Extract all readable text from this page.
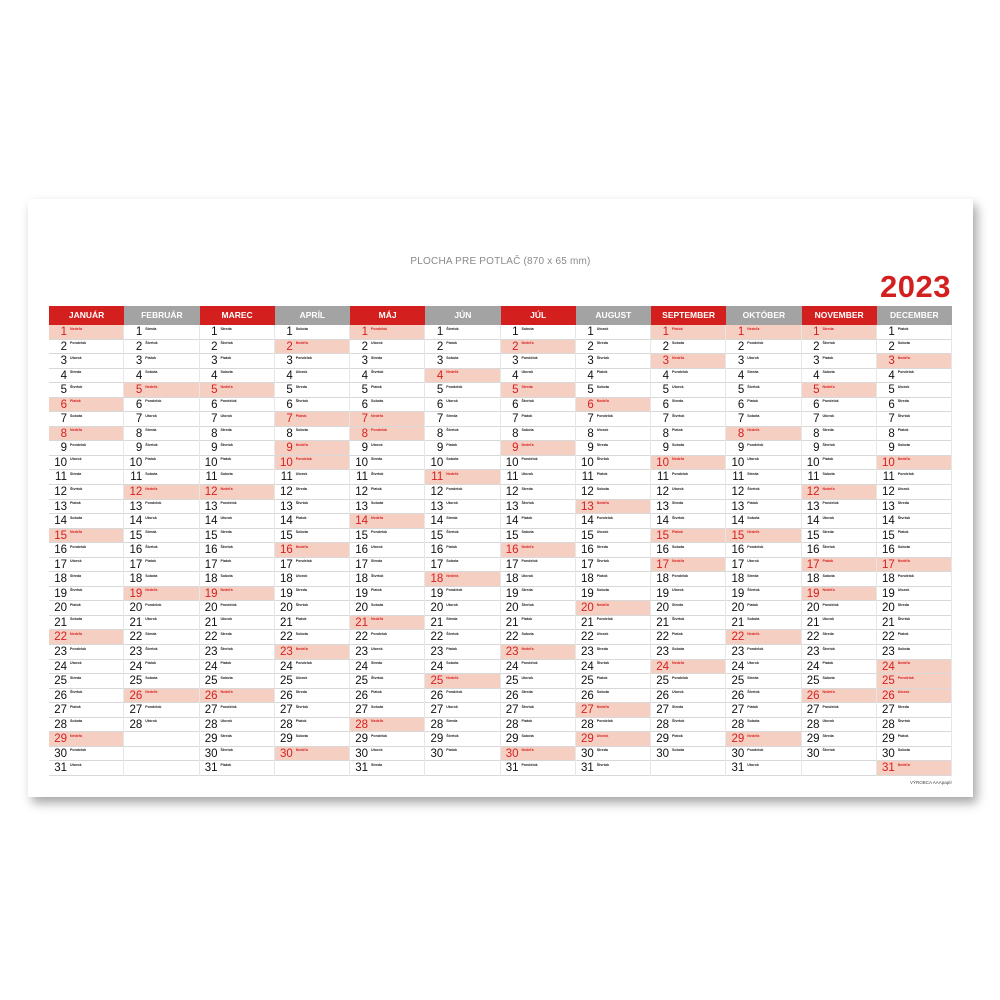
PLOCHA PRE POTLAČ (870 x 65 mm)
2023
JANUÁR
1 Nedeľa
2 Pondelok
3 Utorok
4 Streda
5 Štvrtok
6 Piatok
7 Sobota
8 Nedeľa
9 Pondelok
10 Utorok
11 Streda
12 Štvrtok
13 Piatok
14 Sobota
15 Nedeľa
16 Pondelok
17 Utorok
18 Streda
19 Štvrtok
20 Piatok
21 Sobota
22 Nedeľa
23 Pondelok
24 Utorok
25 Streda
26 Štvrtok
27 Piatok
28 Sobota
29 Nedeľa
30 Pondelok
31 Utorok
FEBRUÁR
1 Streda
2 Štvrtok
3 Piatok
4 Sobota
5 Nedeľa
6 Pondelok
7 Utorok
8 Streda
9 Štvrtok
10 Piatok
11 Sobota
12 Nedeľa
13 Pondelok
14 Utorok
15 Streda
16 Štvrtok
17 Piatok
18 Sobota
19 Nedeľa
20 Pondelok
21 Utorok
22 Streda
23 Štvrtok
24 Piatok
25 Sobota
26 Nedeľa
27 Pondelok
28 Utorok
MAREC
1 Streda
2 Štvrtok
3 Piatok
4 Sobota
5 Nedeľa
6 Pondelok
7 Utorok
8 Streda
9 Štvrtok
10 Piatok
11 Sobota
12 Nedeľa
13 Pondelok
14 Utorok
15 Streda
16 Štvrtok
17 Piatok
18 Sobota
19 Nedeľa
20 Pondelok
21 Utorok
22 Streda
23 Štvrtok
24 Piatok
25 Sobota
26 Nedeľa
27 Pondelok
28 Utorok
29 Streda
30 Štvrtok
31 Piatok
APRÍL
1 Sobota
2 Nedeľa
3 Pondelok
4 Utorok
5 Streda
6 Štvrtok
7 Piatok
8 Sobota
9 Nedeľa
10 Pondelok
11 Utorok
12 Streda
13 Štvrtok
14 Piatok
15 Sobota
16 Nedeľa
17 Pondelok
18 Utorok
19 Streda
20 Štvrtok
21 Piatok
22 Sobota
23 Nedeľa
24 Pondelok
25 Utorok
26 Streda
27 Štvrtok
28 Piatok
29 Sobota
30 Nedeľa
MÁJ
1 Pondelok
2 Utorok
3 Streda
4 Štvrtok
5 Piatok
6 Sobota
7 Nedeľa
8 Pondelok
9 Utorok
10 Streda
11 Štvrtok
12 Piatok
13 Sobota
14 Nedeľa
15 Pondelok
16 Utorok
17 Streda
18 Štvrtok
19 Piatok
20 Sobota
21 Nedeľa
22 Pondelok
23 Utorok
24 Streda
25 Štvrtok
26 Piatok
27 Sobota
28 Nedeľa
29 Pondelok
30 Utorok
31 Streda
JÚN
1 Štvrtok
2 Piatok
3 Sobota
4 Nedeľa
5 Pondelok
6 Utorok
7 Streda
8 Štvrtok
9 Piatok
10 Sobota
11 Nedeľa
12 Pondelok
13 Utorok
14 Streda
15 Štvrtok
16 Piatok
17 Sobota
18 Nedeľa
19 Pondelok
20 Utorok
21 Streda
22 Štvrtok
23 Piatok
24 Sobota
25 Nedeľa
26 Pondelok
27 Utorok
28 Streda
29 Štvrtok
30 Piatok
JÚL
1 Sobota
2 Nedeľa
3 Pondelok
4 Utorok
5 Streda
6 Štvrtok
7 Piatok
8 Sobota
9 Nedeľa
10 Pondelok
11 Utorok
12 Streda
13 Štvrtok
14 Piatok
15 Sobota
16 Nedeľa
17 Pondelok
18 Utorok
19 Streda
20 Štvrtok
21 Piatok
22 Sobota
23 Nedeľa
24 Pondelok
25 Utorok
26 Streda
27 Štvrtok
28 Piatok
29 Sobota
30 Nedeľa
31 Pondelok
AUGUST
1 Utorok
2 Streda
3 Štvrtok
4 Piatok
5 Sobota
6 Nedeľa
7 Pondelok
8 Utorok
9 Streda
10 Štvrtok
11 Piatok
12 Sobota
13 Nedeľa
14 Pondelok
15 Utorok
16 Streda
17 Štvrtok
18 Piatok
19 Sobota
20 Nedeľa
21 Pondelok
22 Utorok
23 Streda
24 Štvrtok
25 Piatok
26 Sobota
27 Nedeľa
28 Pondelok
29 Utorok
30 Streda
31 Štvrtok
SEPTEMBER
1 Piatok
2 Sobota
3 Nedeľa
4 Pondelok
5 Utorok
6 Streda
7 Štvrtok
8 Piatok
9 Sobota
10 Nedeľa
11 Pondelok
12 Utorok
13 Streda
14 Štvrtok
15 Piatok
16 Sobota
17 Nedeľa
18 Pondelok
19 Utorok
20 Streda
21 Štvrtok
22 Piatok
23 Sobota
24 Nedeľa
25 Pondelok
26 Utorok
27 Streda
28 Štvrtok
29 Piatok
30 Sobota
OKTÓBER
1 Nedeľa
2 Pondelok
3 Utorok
4 Streda
5 Štvrtok
6 Piatok
7 Sobota
8 Nedeľa
9 Pondelok
10 Utorok
11 Streda
12 Štvrtok
13 Piatok
14 Sobota
15 Nedeľa
16 Pondelok
17 Utorok
18 Streda
19 Štvrtok
20 Piatok
21 Sobota
22 Nedeľa
23 Pondelok
24 Utorok
25 Streda
26 Štvrtok
27 Piatok
28 Sobota
29 Nedeľa
30 Pondelok
31 Utorok
NOVEMBER
1 Streda
2 Štvrtok
3 Piatok
4 Sobota
5 Nedeľa
6 Pondelok
7 Utorok
8 Streda
9 Štvrtok
10 Piatok
11 Sobota
12 Nedeľa
13 Pondelok
14 Utorok
15 Streda
16 Štvrtok
17 Piatok
18 Sobota
19 Nedeľa
20 Pondelok
21 Utorok
22 Streda
23 Štvrtok
24 Piatok
25 Sobota
26 Nedeľa
27 Pondelok
28 Utorok
29 Streda
30 Štvrtok
DECEMBER
1 Piatok
2 Sobota
3 Nedeľa
4 Pondelok
5 Utorok
6 Streda
7 Štvrtok
8 Piatok
9 Sobota
10 Nedeľa
11 Pondelok
12 Utorok
13 Streda
14 Štvrtok
15 Piatok
16 Sobota
17 Nedeľa
18 Pondelok
19 Utorok
20 Streda
21 Štvrtok
22 Piatok
23 Sobota
24 Nedeľa
25 Pondelok
26 Utorok
27 Streda
28 Štvrtok
29 Piatok
30 Sobota
31 Nedeľa
VÝROBCA AAApapír
